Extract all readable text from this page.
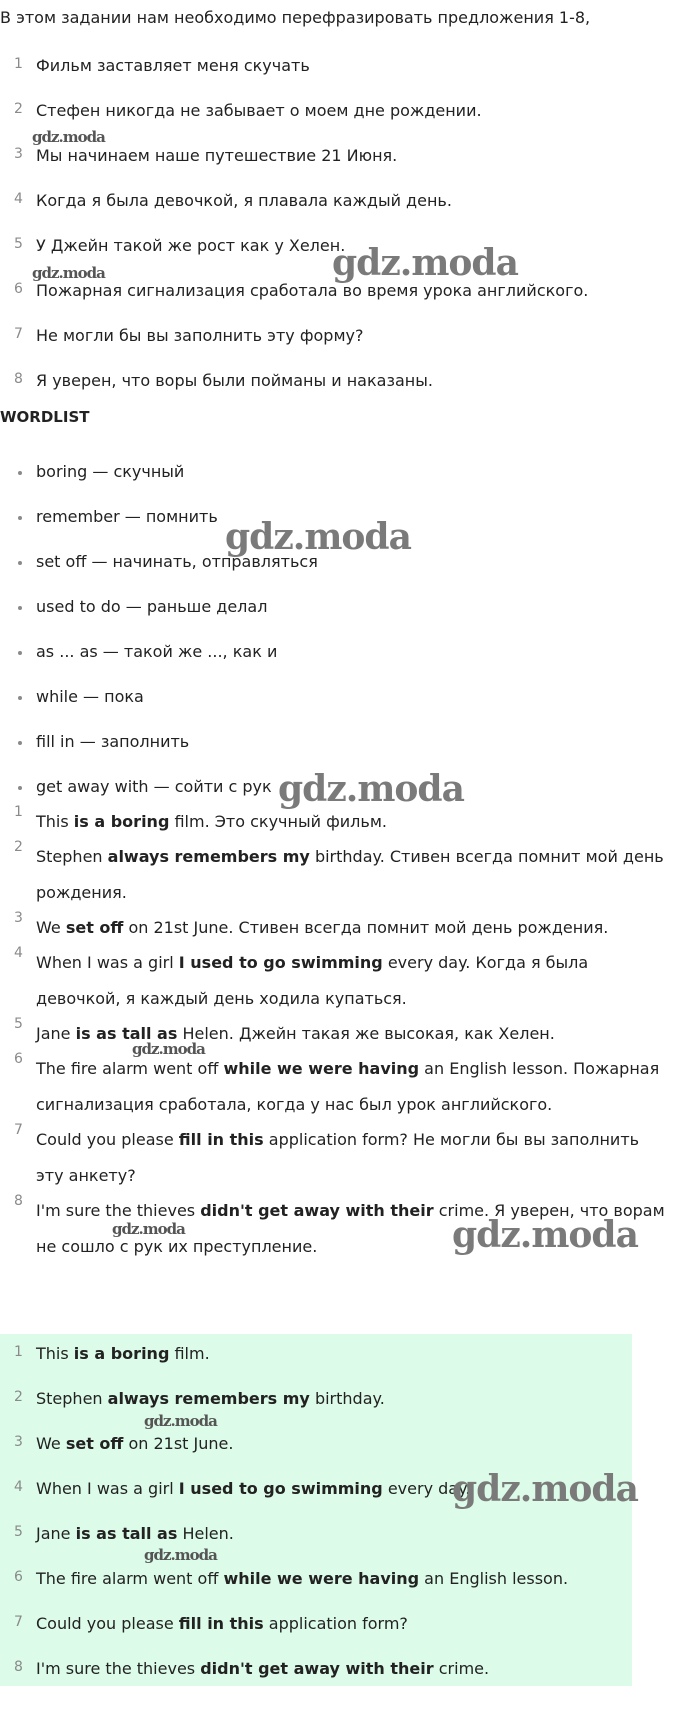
В этом задании нам необходимо перефразировать предложения 1-8,
1 Фильм заставляет меня скучать
2 Стефен никогда не забывает о моем дне рождении.
3 Мы начинаем наше путешествие 21 Июня.
4 Когда я была девочкой, я плавала каждый день.
5 У Джейн такой же рост как у Хелен.
6 Пожарная сигнализация сработала во время урока английского.
7 Не могли бы вы заполнить эту форму?
8 Я уверен, что воры были пойманы и наказаны.
WORDLIST
boring — скучный
remember — помнить
set off — начинать, отправляться
used to do — раньше делал
as ... as — такой же ..., как и
while — пока
fill in — заполнить
get away with — сойти с рук
1 This is a boring film. Это скучный фильм.
2 Stephen always remembers my birthday. Стивен всегда помнит мой день рождения.
3 We set off on 21st June. Стивен всегда помнит мой день рождения.
4 When I was a girl I used to go swimming every day. Когда я была девочкой, я каждый день ходила купаться.
5 Jane is as tall as Helen. Джейн такая же высокая, как Хелен.
6 The fire alarm went off while we were having an English lesson. Пожарная сигнализация сработала, когда у нас был урок английского.
7 Could you please fill in this application form? Не могли бы вы заполнить эту анкету?
8 I'm sure the thieves didn't get away with their crime. Я уверен, что ворам не сошло с рук их преступление.
1 This is a boring film.
2 Stephen always remembers my birthday.
3 We set off on 21st June.
4 When I was a girl I used to go swimming every day.
5 Jane is as tall as Helen.
6 The fire alarm went off while we were having an English lesson.
7 Could you please fill in this application form?
8 I'm sure the thieves didn't get away with their crime.
gdz.moda
gdz.moda	gdz.moda
gdz.moda
gdz.moda
gdz.moda
gdz.moda	gdz.moda
gdz.moda
gdz.moda
gdz.moda
